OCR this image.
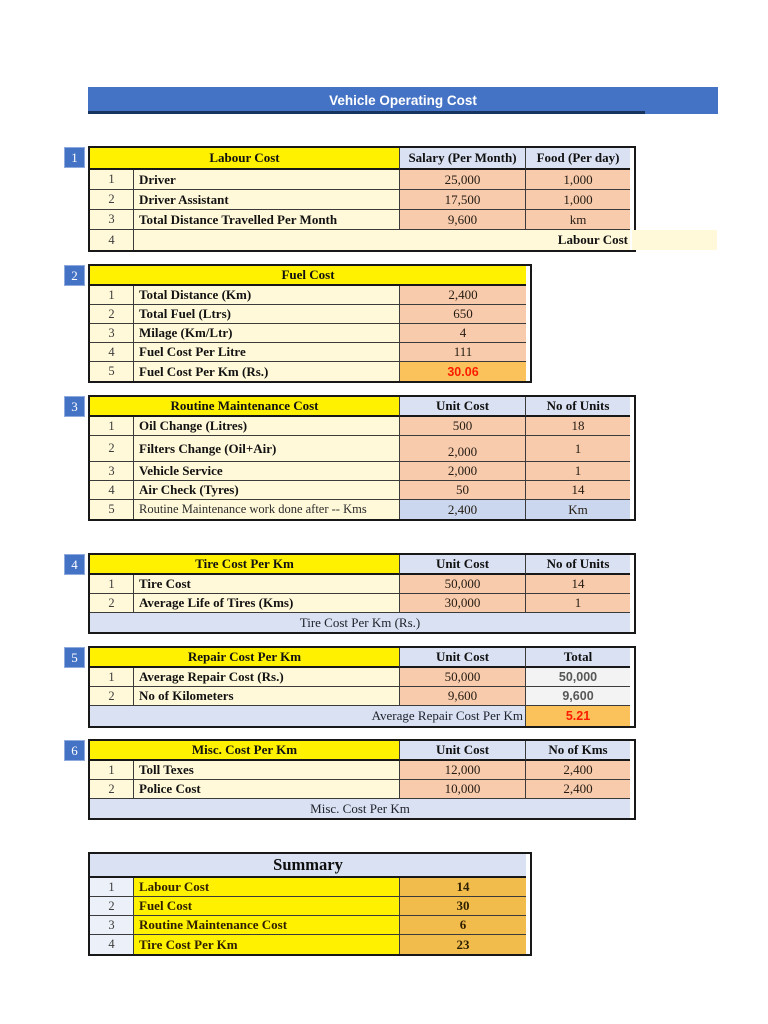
Vehicle Operating Cost
1
2
3
4
5
6
Labour Cost	Salary (Per Month)	Food (Per day)
1	Driver	25,000	1,000
2	Driver Assistant	17,500	1,000
3	Total Distance Travelled Per Month	9,600	km
4	Labour Cost
Fuel Cost
1	Total Distance (Km)	2,400
2	Total Fuel (Ltrs)	650
3	Milage (Km/Ltr)	4
4	Fuel Cost Per Litre	111
5	Fuel Cost Per Km (Rs.)	30.06
Routine Maintenance Cost	Unit Cost	No of Units
1	Oil Change (Litres)	500	18
2	Filters Change (Oil+Air)	2,000	1
3	Vehicle Service	2,000	1
4	Air Check (Tyres)	50	14
5	Routine Maintenance work done after -- Kms	2,400	Km
Tire Cost Per Km	Unit Cost	No of Units
1	Tire Cost	50,000	14
2	Average Life of Tires (Kms)	30,000	1
Tire Cost Per Km (Rs.)
Repair Cost Per Km	Unit Cost	Total
1	Average Repair Cost (Rs.)	50,000	50,000
2	No of Kilometers	9,600	9,600
Average Repair Cost Per Km	5.21
Misc. Cost Per Km	Unit Cost	No of Kms
1	Toll Texes	12,000	2,400
2	Police Cost	10,000	2,400
Misc. Cost Per Km
Summary
1	Labour Cost	14
2	Fuel Cost	30
3	Routine Maintenance Cost	6
4	Tire Cost Per Km	23
